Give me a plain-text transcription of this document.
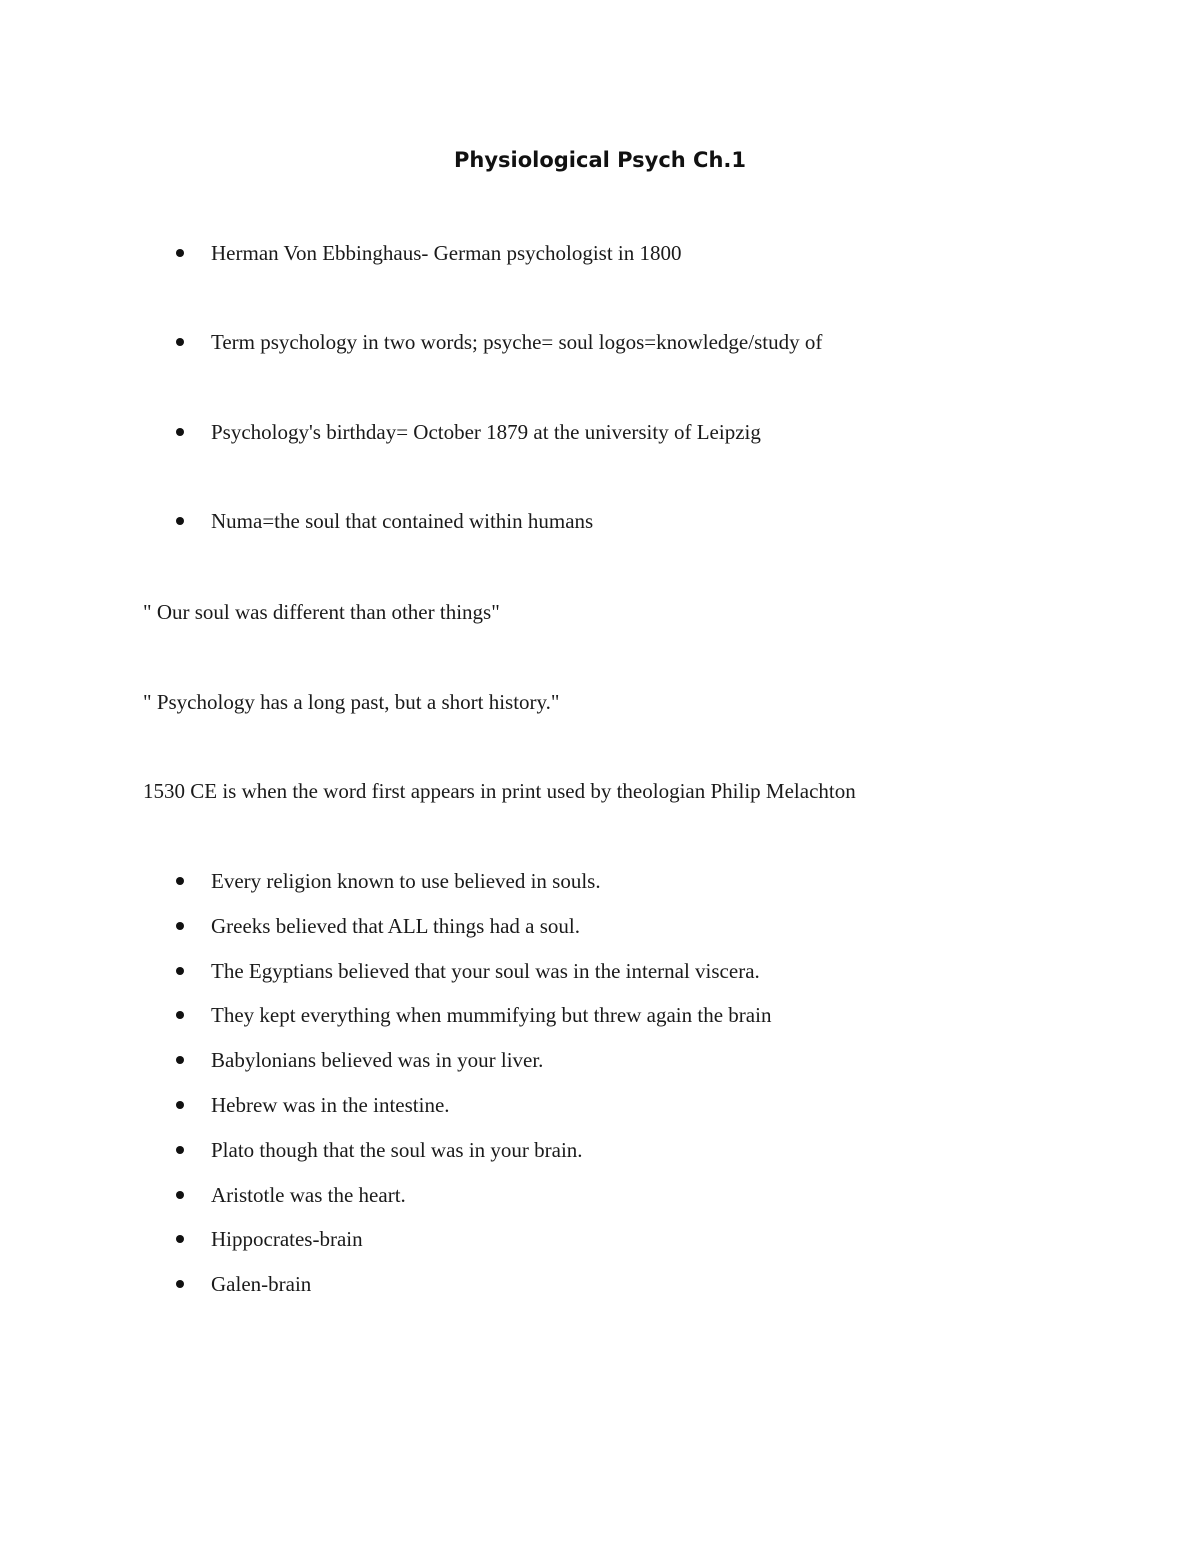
Physiological Psych Ch.1
Herman Von Ebbinghaus- German psychologist in 1800
Term psychology in two words; psyche= soul logos=knowledge/study of
Psychology's birthday= October 1879 at the university of Leipzig
Numa=the soul that contained within humans
" Our soul was different than other things"
" Psychology has a long past, but a short history."
1530 CE is when the word first appears in print used by theologian Philip Melachton
Every religion known to use believed in souls.
Greeks believed that ALL things had a soul.
The Egyptians believed that your soul was in the internal viscera.
They kept everything when mummifying but threw again the brain
Babylonians believed was in your liver.
Hebrew was in the intestine.
Plato though that the soul was in your brain.
Aristotle was the heart.
Hippocrates-brain
Galen-brain
